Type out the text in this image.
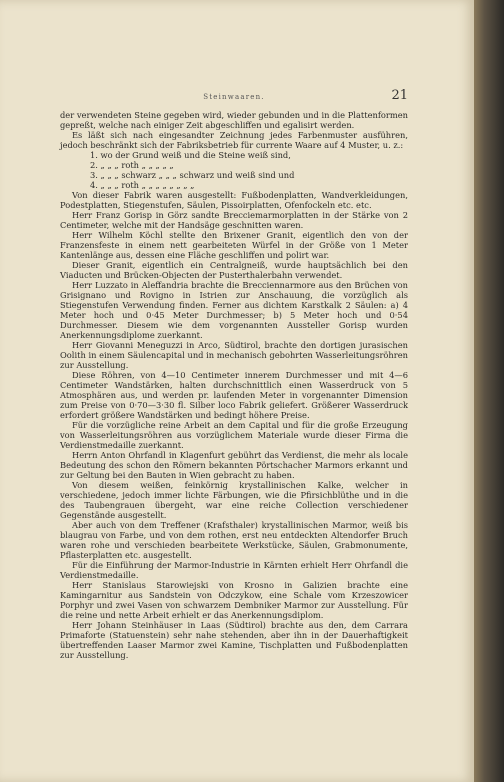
Steinwaaren.	21

der verwendeten Steine gegeben wird, wieder gebunden und in die Plattenformen gepreßt, welche nach einiger Zeit abgeschliffen und egalisirt werden.

Es läßt sich nach eingesandter Zeichnung jedes Farbenmuster ausführen, jedoch beschränkt sich der Fabriksbetrieb für currente Waare auf 4 Muster, u. z.:

1. wo der Grund weiß und die Steine weiß sind,
2. „ „ „ roth „ „ „ „ „
3. „ „ „ schwarz „ „ „ schwarz und weiß sind und
4. „ „ „ roth „ „ „ „ „ „ „ „

Von dieser Fabrik waren ausgestellt: Fußbodenplatten, Wandverkleidungen, Podestplatten, Stiegenstufen, Säulen, Pissoirplatten, Ofenfockeln etc. etc.

Herr Franz Gorisp in Görz sandte Brecciemarmorplatten in der Stärke von 2 Centimeter, welche mit der Handsäge geschnitten waren.

Herr Wilhelm Köchl stellte den Brixener Granit, eigentlich den von der Franzensfeste in einem nett gearbeiteten Würfel in der Größe von 1 Meter Kantenlänge aus, dessen eine Fläche geschliffen und polirt war.

Dieser Granit, eigentlich ein Centralgneiß, wurde hauptsächlich bei den Viaducten und Brücken-Objecten der Pusterthalerbahn verwendet.

Herr Luzzato in Aleffandria brachte die Brecciennarmore aus den Brüchen von Grisignano und Rovigno in Istrien zur Anschauung, die vorzüglich als Stiegenstufen Verwendung finden. Ferner aus dichtem Karstkalk 2 Säulen: a) 4 Meter hoch und 0·45 Meter Durchmesser; b) 5 Meter hoch und 0·54 Durchmesser. Diesem wie dem vorgenannten Aussteller Gorisp wurden Anerkennungsdiplome zuerkannt.

Herr Giovanni Meneguzzi in Arco, Südtirol, brachte den dortigen jurasischen Oolith in einem Säulencapital und in mechanisch gebohrten Wasserleitungsröhren zur Ausstellung.

Diese Röhren, von 4—10 Centimeter innerem Durchmesser und mit 4—6 Centimeter Wandstärken, halten durchschnittlich einen Wasserdruck von 5 Atmosphären aus, und werden pr. laufenden Meter in vorgenannter Dimension zum Preise von 0·70—3·30 fl. Silber loco Fabrik geliefert. Größerer Wasserdruck erfordert größere Wandstärken und bedingt höhere Preise.

Für die vorzügliche reine Arbeit an dem Capital und für die große Erzeugung von Wasserleitungsröhren aus vorzüglichem Materiale wurde dieser Firma die Verdienstmedaille zuerkannt.

Herrn Anton Ohrfandl in Klagenfurt gebührt das Verdienst, die mehr als locale Bedeutung des schon den Römern bekannten Pörtschacher Marmors erkannt und zur Geltung bei den Bauten in Wien gebracht zu haben.

Von diesem weißen, feinkörnig krystallinischen Kalke, welcher in verschiedene, jedoch immer lichte Färbungen, wie die Pfirsichblüthe und in die des Taubengrauen übergeht, war eine reiche Collection verschiedener Gegenstände ausgestellt.

Aber auch von dem Treffener (Krafsthaler) krystallinischen Marmor, weiß bis blaugrau von Farbe, und von dem rothen, erst neu entdeckten Altendorfer Bruch waren rohe und verschieden bearbeitete Werkstücke, Säulen, Grabmonumente, Pflasterplatten etc. ausgestellt.

Für die Einführung der Marmor-Industrie in Kärnten erhielt Herr Ohrfandl die Verdienstmedaille.

Herr Stanislaus Starowiejski von Krosno in Galizien brachte eine Kamingarnitur aus Sandstein von Odczykow, eine Schale vom Krzeszowicer Porphyr und zwei Vasen von schwarzem Dembniker Marmor zur Ausstellung. Für die reine und nette Arbeit erhielt er das Anerkennungsdiplom.

Herr Johann Steinhäuser in Laas (Südtirol) brachte aus den, dem Carrara Primaforte (Statuenstein) sehr nahe stehenden, aber ihn in der Dauerhaftigkeit übertreffenden Laaser Marmor zwei Kamine, Tischplatten und Fußbodenplatten zur Ausstellung.
